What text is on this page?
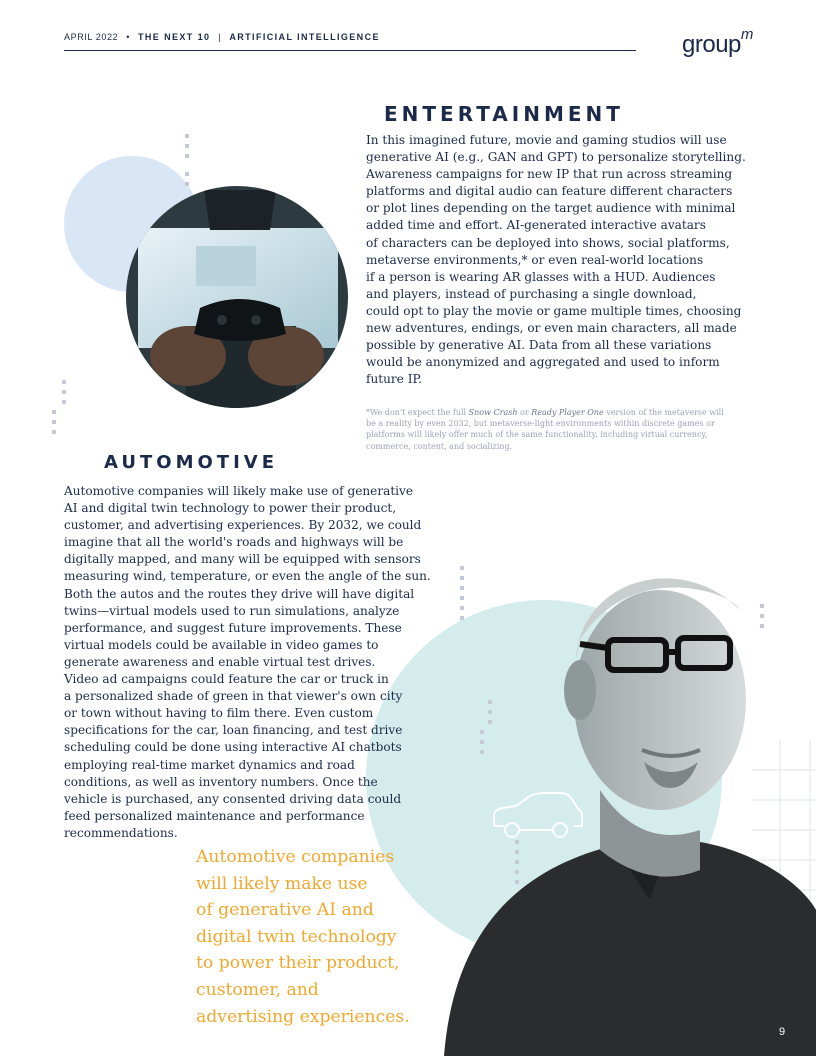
APRIL 2022 • THE NEXT 10 | ARTIFICIAL INTELLIGENCE	group$^m$
ENTERTAINMENT
In this imagined future, movie and gaming studios will use
generative AI (e.g., GAN and GPT) to personalize storytelling.
Awareness campaigns for new IP that run across streaming
platforms and digital audio can feature different characters
or plot lines depending on the target audience with minimal
added time and effort. AI-generated interactive avatars
of characters can be deployed into shows, social platforms,
metaverse environments,* or even real-world locations
if a person is wearing AR glasses with a HUD. Audiences
and players, instead of purchasing a single download,
could opt to play the movie or game multiple times, choosing
new adventures, endings, or even main characters, all made
possible by generative AI. Data from all these variations
would be anonymized and aggregated and used to inform
future IP.
*We don't expect the full Snow Crash or Ready Player One version of the metaverse will
be a reality by even 2032, but metaverse-light environments within discrete games or
platforms will likely offer much of the same functionality, including virtual currency,
commerce, content, and socializing.
AUTOMOTIVE
Automotive companies will likely make use of generative
AI and digital twin technology to power their product,
customer, and advertising experiences. By 2032, we could
imagine that all the world's roads and highways will be
digitally mapped, and many will be equipped with sensors
measuring wind, temperature, or even the angle of the sun.
Both the autos and the routes they drive will have digital
twins—virtual models used to run simulations, analyze
performance, and suggest future improvements. These
virtual models could be available in video games to
generate awareness and enable virtual test drives.
Video ad campaigns could feature the car or truck in
a personalized shade of green in that viewer's own city
or town without having to film there. Even custom
specifications for the car, loan financing, and test drive
scheduling could be done using interactive AI chatbots
employing real-time market dynamics and road
conditions, as well as inventory numbers. Once the
vehicle is purchased, any consented driving data could
feed personalized maintenance and performance
recommendations.
Automotive companies
will likely make use
of generative AI and
digital twin technology
to power their product,
customer, and
advertising experiences.
9
